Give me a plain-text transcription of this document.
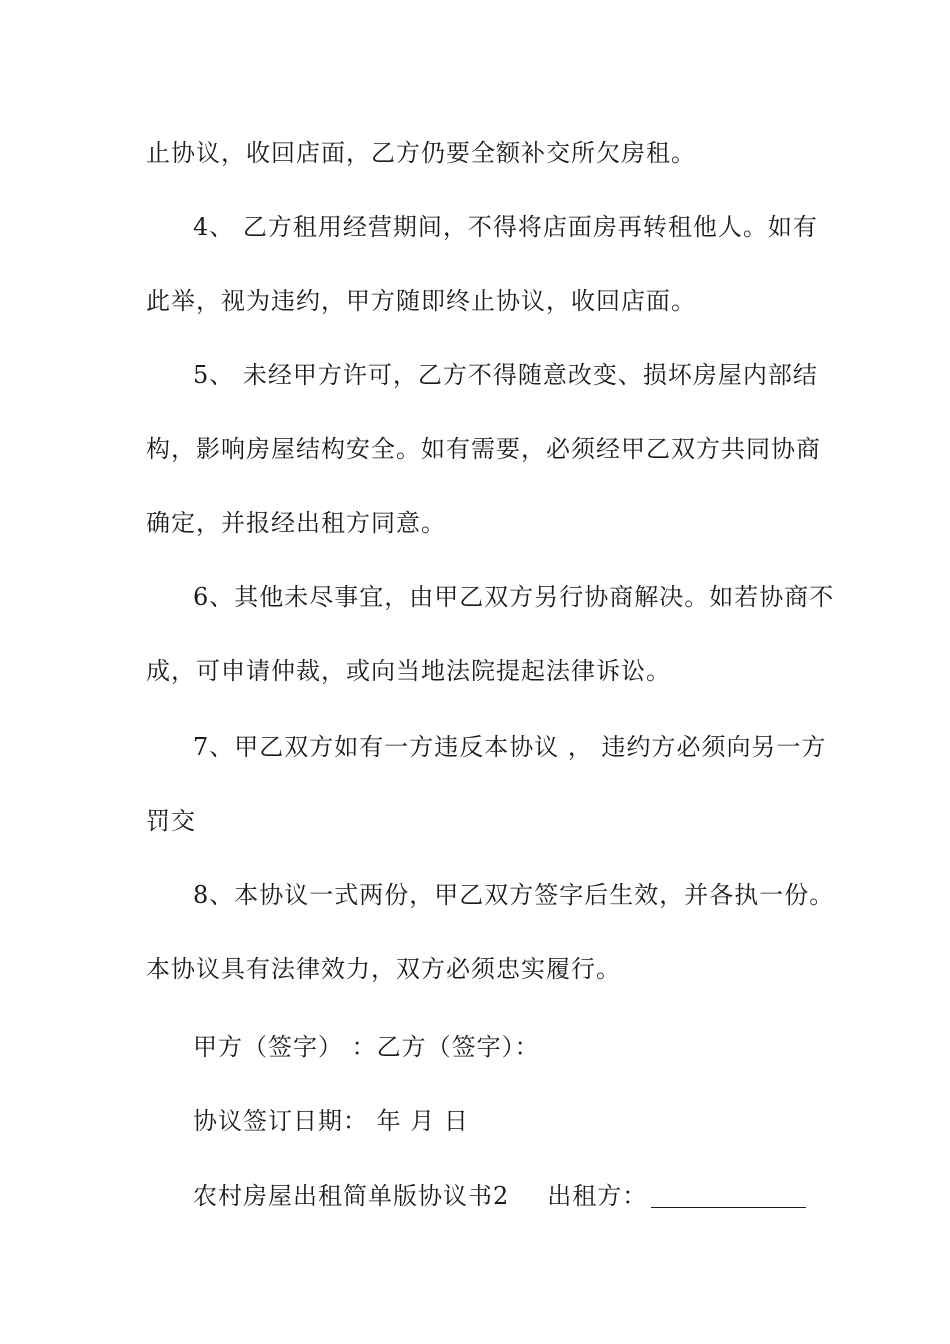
止协议，收回店面，乙方仍要全额补交所欠房租。
4、 乙方租用经营期间，不得将店面房再转租他人。如有
此举，视为违约，甲方随即终止协议，收回店面。
5、 未经甲方许可，乙方不得随意改变、损坏房屋内部结
构，影响房屋结构安全。如有需要，必须经甲乙双方共同协商
确定，并报经出租方同意。
6、其他未尽事宜，由甲乙双方另行协商解决。如若协商不
成，可申请仲裁，或向当地法院提起法律诉讼。
7、甲乙双方如有一方违反本协议 ， 违约方必须向另一方
罚交
8、本协议一式两份，甲乙双方签字后生效，并各执一份。
本协议具有法律效力，双方必须忠实履行。
甲方（签字） ：乙方（签字）：
协议签订日期： 年 月 日
农村房屋出租简单版协议书2 出租方：
